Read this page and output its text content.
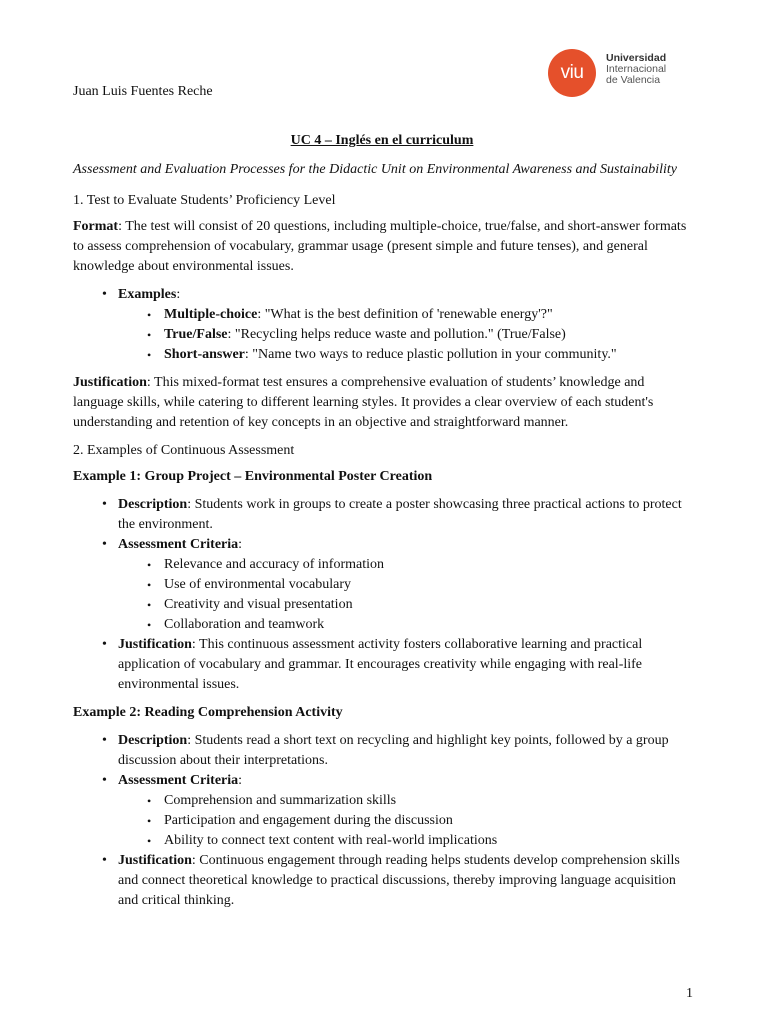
Juan Luis Fuentes Reche
viu
Universidad
Internacional
de Valencia
UC 4 – Inglés en el curriculum
Assessment and Evaluation Processes for the Didactic Unit on Environmental Awareness and Sustainability

1. Test to Evaluate Students’ Proficiency Level

Format: The test will consist of 20 questions, including multiple-choice, true/false, and short-answer formats to assess comprehension of vocabulary, grammar usage (present simple and future tenses), and general knowledge about environmental issues.

• Examples:
• Multiple-choice: "What is the best definition of 'renewable energy'?"
• True/False: "Recycling helps reduce waste and pollution." (True/False)
• Short-answer: "Name two ways to reduce plastic pollution in your community."

Justification: This mixed-format test ensures a comprehensive evaluation of students’ knowledge and language skills, while catering to different learning styles. It provides a clear overview of each student's understanding and retention of key concepts in an objective and straightforward manner.

2. Examples of Continuous Assessment

Example 1: Group Project – Environmental Poster Creation

• Description: Students work in groups to create a poster showcasing three practical actions to protect the environment.
• Assessment Criteria:
• Relevance and accuracy of information
• Use of environmental vocabulary
• Creativity and visual presentation
• Collaboration and teamwork
• Justification: This continuous assessment activity fosters collaborative learning and practical application of vocabulary and grammar. It encourages creativity while engaging with real-life environmental issues.

Example 2: Reading Comprehension Activity

• Description: Students read a short text on recycling and highlight key points, followed by a group discussion about their interpretations.
• Assessment Criteria:
• Comprehension and summarization skills
• Participation and engagement during the discussion
• Ability to connect text content with real-world implications
• Justification: Continuous engagement through reading helps students develop comprehension skills and connect theoretical knowledge to practical discussions, thereby improving language acquisition and critical thinking.
1
